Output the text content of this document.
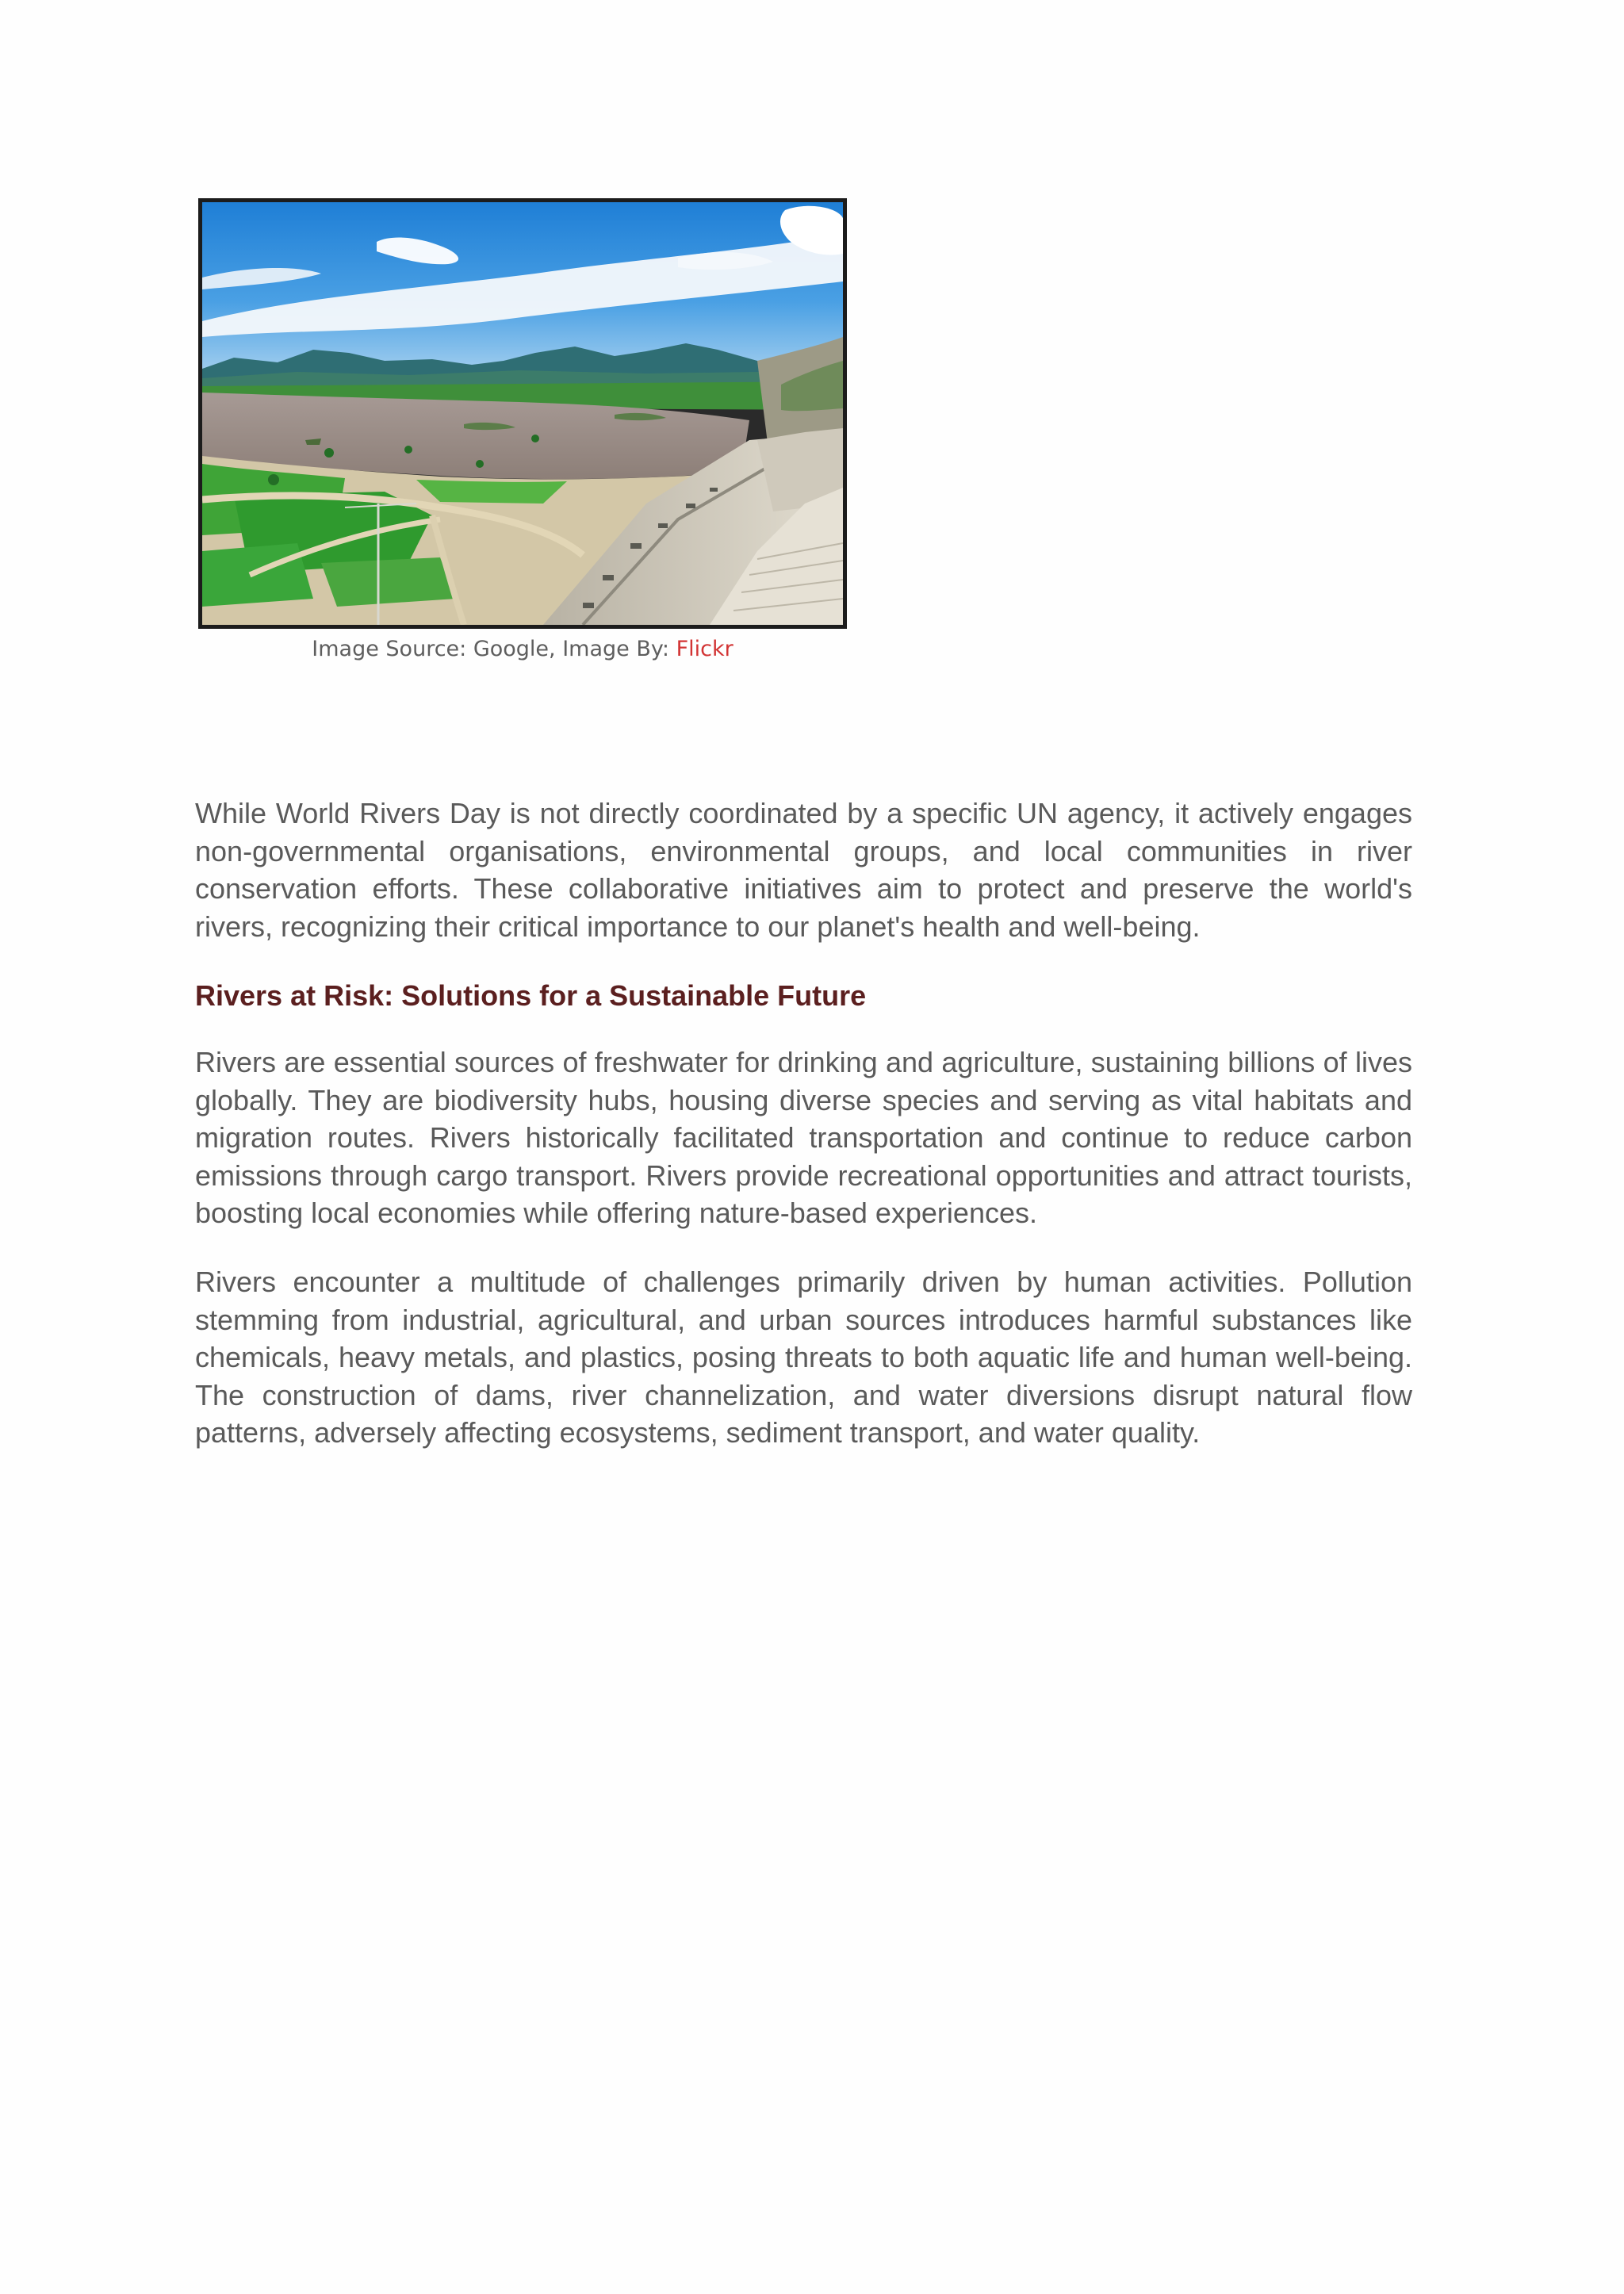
Image Source: Google, Image By: Flickr

While World Rivers Day is not directly coordinated by a specific UN agency, it actively engages non-governmental organisations, environmental groups, and local communities in river conservation efforts. These collaborative initiatives aim to protect and preserve the world's rivers, recognizing their critical importance to our planet's health and well-being.

Rivers at Risk: Solutions for a Sustainable Future

Rivers are essential sources of freshwater for drinking and agriculture, sustaining billions of lives globally. They are biodiversity hubs, housing diverse species and serving as vital habitats and migration routes. Rivers historically facilitated transportation and continue to reduce carbon emissions through cargo transport. Rivers provide recreational opportunities and attract tourists, boosting local economies while offering nature-based experiences.

Rivers encounter a multitude of challenges primarily driven by human activities. Pollution stemming from industrial, agricultural, and urban sources introduces harmful substances like chemicals, heavy metals, and plastics, posing threats to both aquatic life and human well-being. The construction of dams, river channelization, and water diversions disrupt natural flow patterns, adversely affecting ecosystems, sediment transport, and water quality.
